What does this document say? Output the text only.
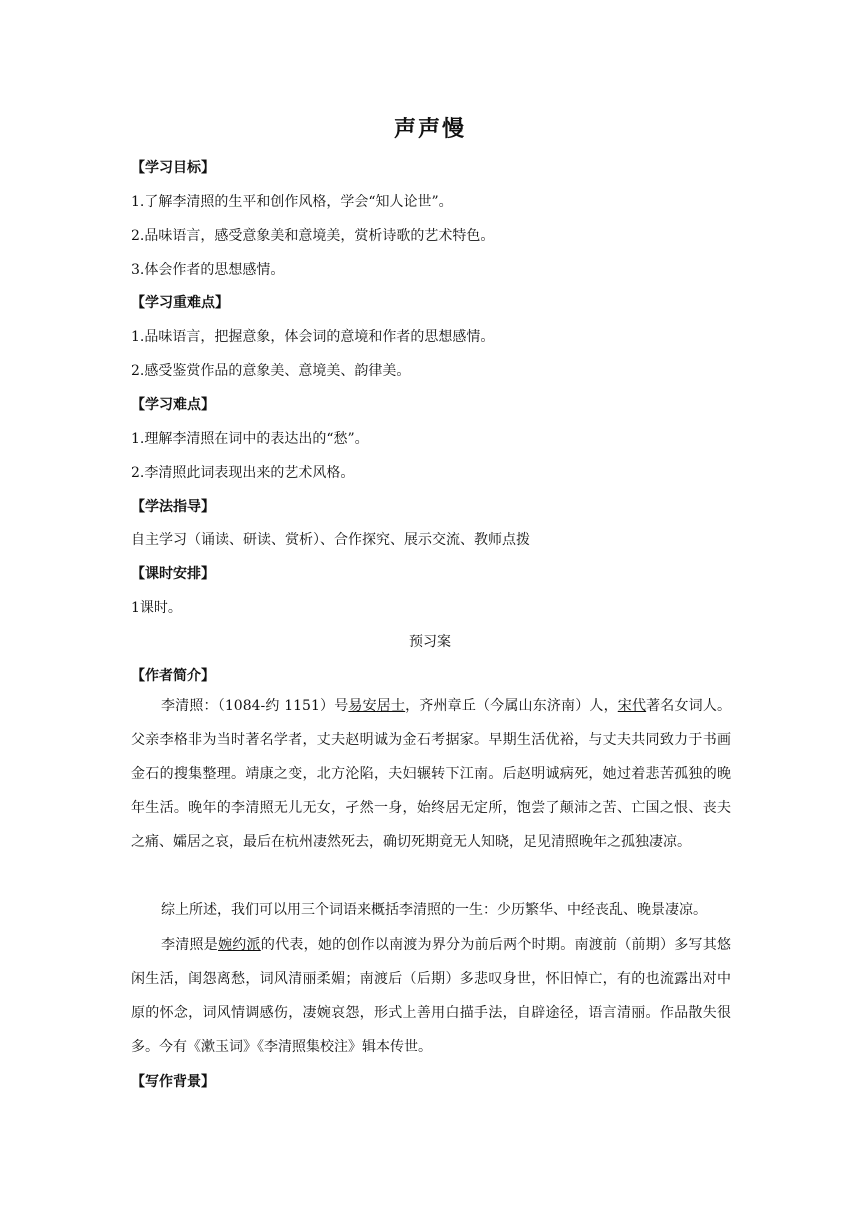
声声慢
【学习目标】
1.了解李清照的生平和创作风格，学会“知人论世”。
2.品味语言，感受意象美和意境美，赏析诗歌的艺术特色。
3.体会作者的思想感情。
【学习重难点】
1.品味语言，把握意象，体会词的意境和作者的思想感情。
2.感受鉴赏作品的意象美、意境美、韵律美。
【学习难点】
1.理解李清照在词中的表达出的“愁”。
2.李清照此词表现出来的艺术风格。
【学法指导】
自主学习（诵读、研读、赏析）、合作探究、展示交流、教师点拨
【课时安排】
1课时。
预习案
【作者简介】
李清照：（1084-约 1151）号易安居士，齐州章丘（今属山东济南）人，宋代著名女词人。父亲李格非为当时著名学者，丈夫赵明诚为金石考据家。早期生活优裕，与丈夫共同致力于书画金石的搜集整理。靖康之变，北方沦陷，夫妇辗转下江南。后赵明诚病死，她过着悲苦孤独的晚年生活。晚年的李清照无儿无女，孑然一身，始终居无定所，饱尝了颠沛之苦、亡国之恨、丧夫之痛、孀居之哀，最后在杭州凄然死去，确切死期竟无人知晓，足见清照晚年之孤独凄凉。
综上所述，我们可以用三个词语来概括李清照的一生：少历繁华、中经丧乱、晚景凄凉。
李清照是婉约派的代表，她的创作以南渡为界分为前后两个时期。南渡前（前期）多写其悠闲生活，闺怨离愁，词风清丽柔媚；南渡后（后期）多悲叹身世，怀旧悼亡，有的也流露出对中原的怀念，词风情调感伤，凄婉哀怨，形式上善用白描手法，自辟途径，语言清丽。作品散失很多。今有《漱玉词》《李清照集校注》辑本传世。
【写作背景】
